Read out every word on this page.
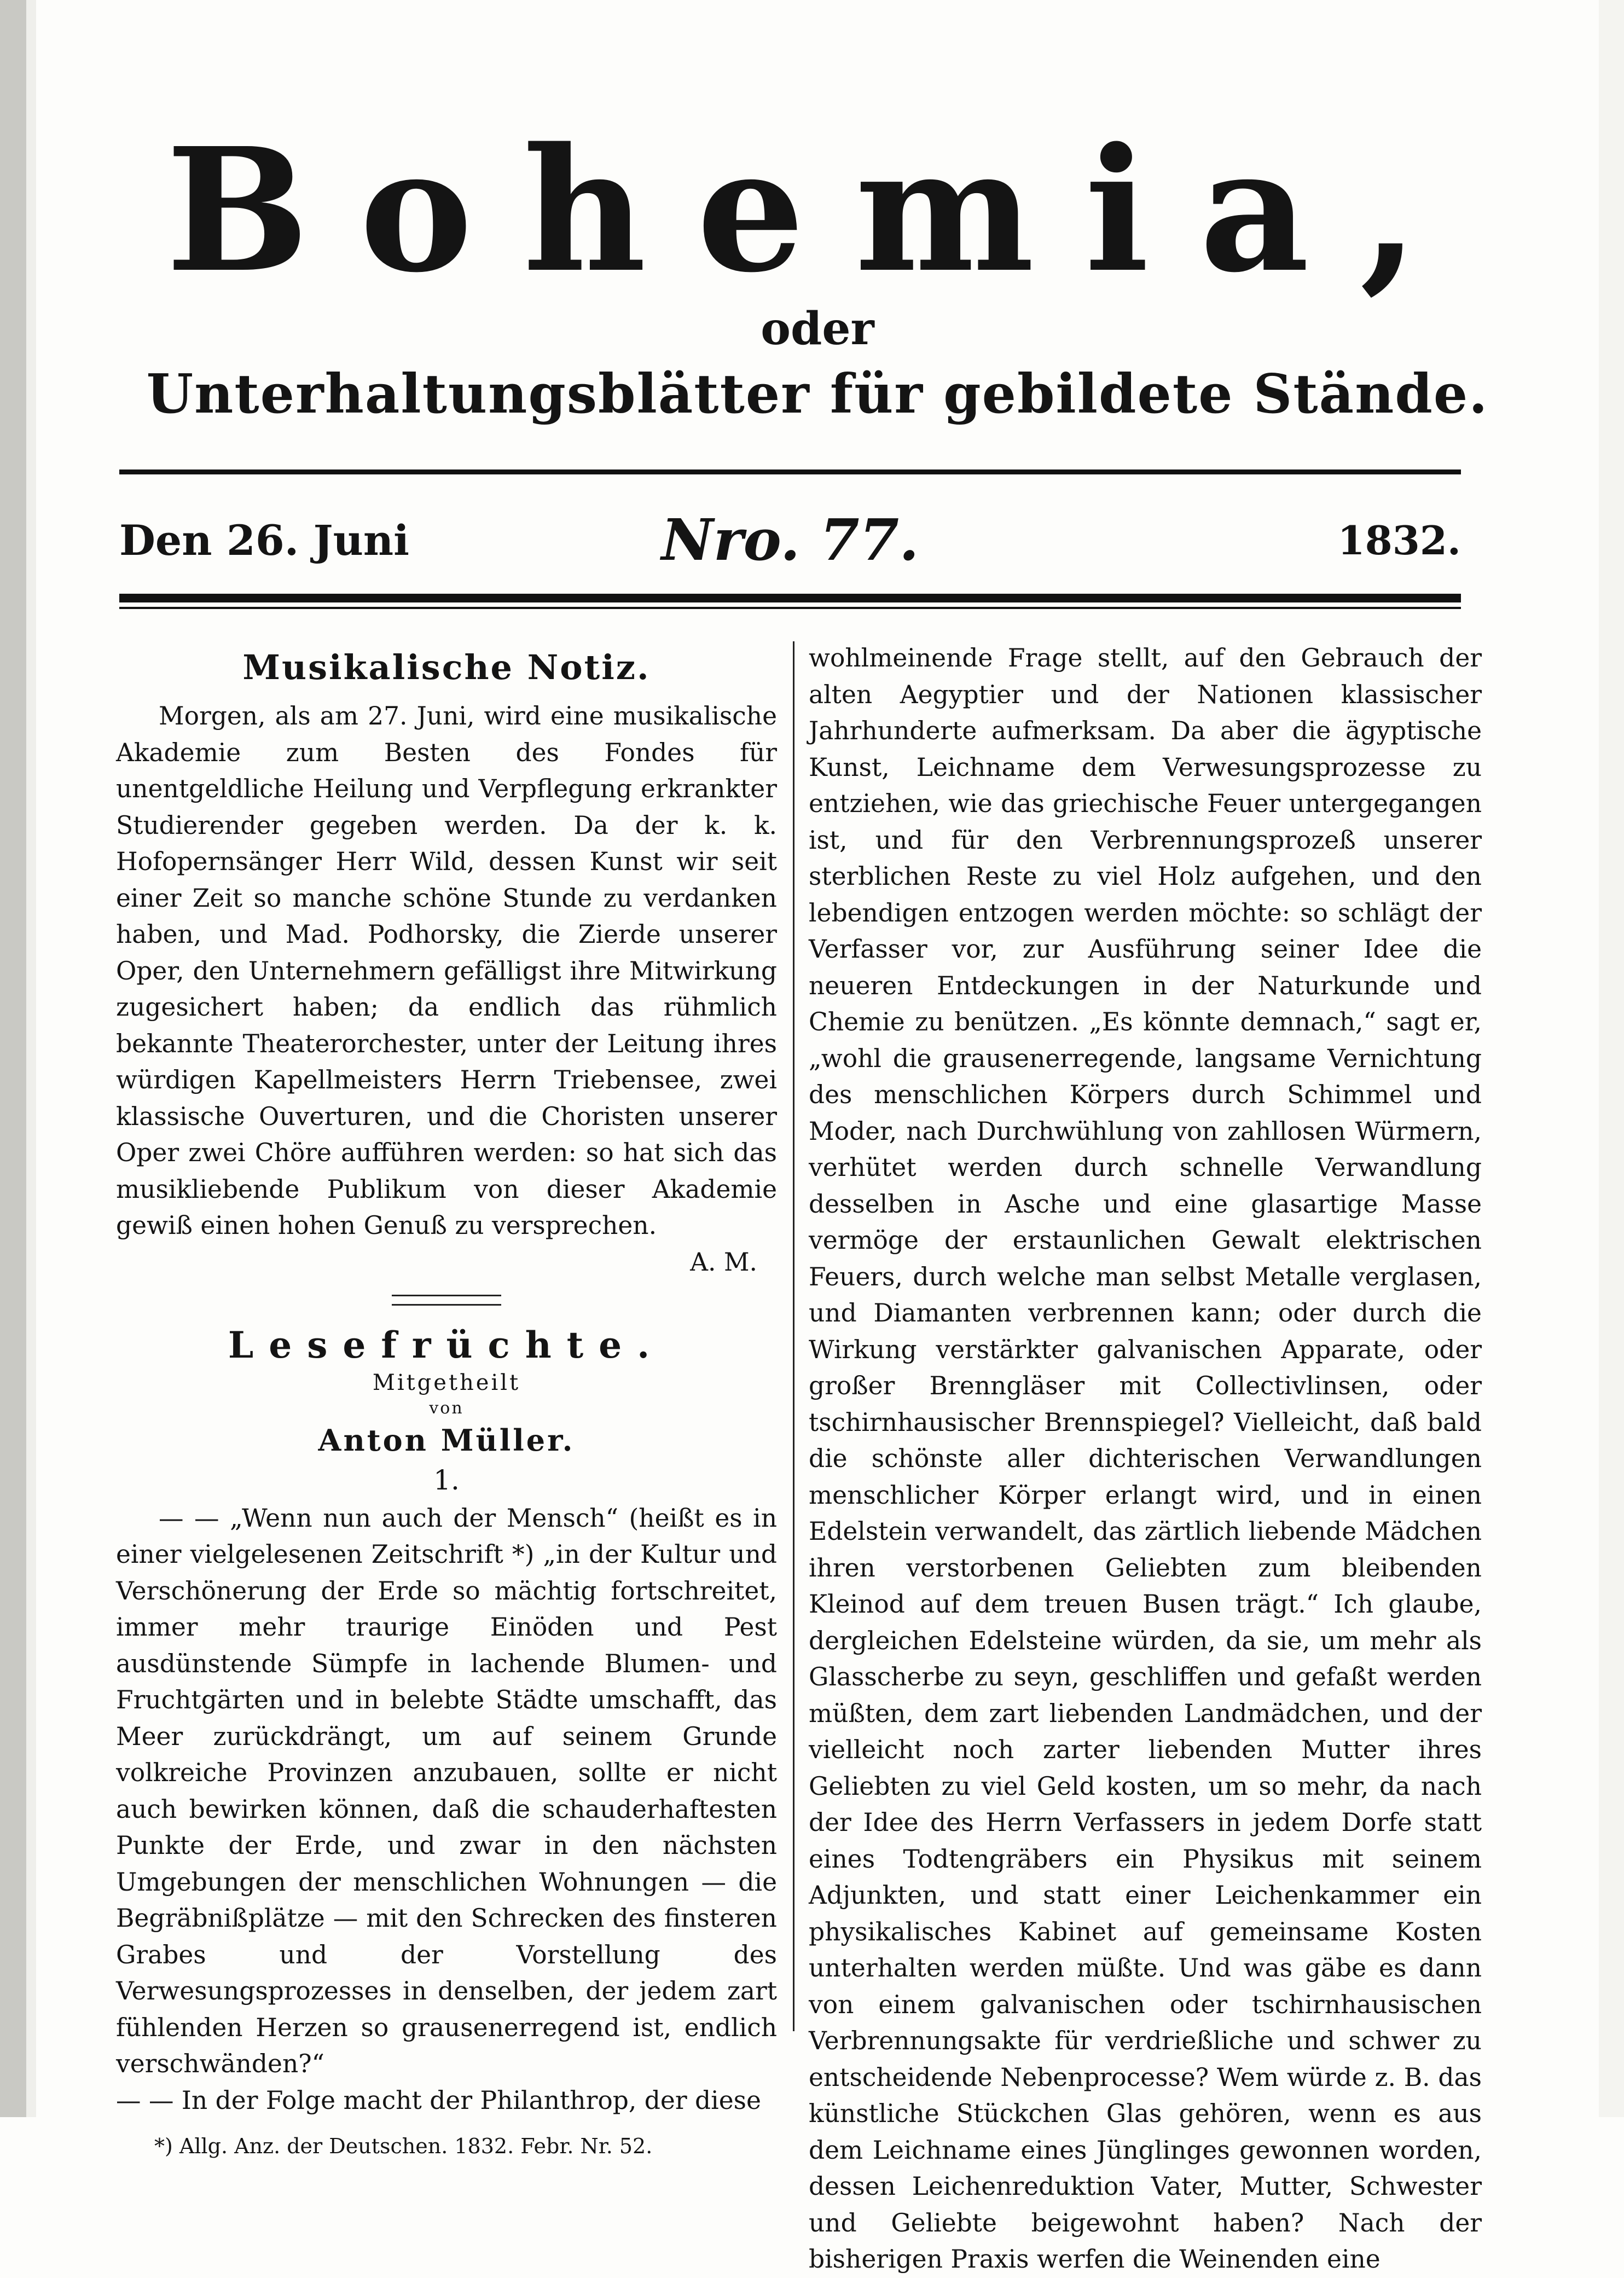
Bohemia,
oder
Unterhaltungsblätter für gebildete Stände.
Den 26. Juni	Nro. 77.	1832.
Musikalische Notiz.

Morgen, als am 27. Juni, wird eine musikalische Akademie zum Besten des Fondes für unentgeldliche Heilung und Verpflegung erkrankter Studierender gegeben werden. Da der k. k. Hofopernsänger Herr Wild, dessen Kunst wir seit einer Zeit so manche schöne Stunde zu verdanken haben, und Mad. Podhorsky, die Zierde unserer Oper, den Unternehmern gefälligst ihre Mitwirkung zugesichert haben; da endlich das rühmlich bekannte Theaterorchester, unter der Leitung ihres würdigen Kapellmeisters Herrn Triebensee, zwei klassische Ouverturen, und die Choristen unserer Oper zwei Chöre aufführen werden: so hat sich das musikliebende Publikum von dieser Akademie gewiß einen hohen Genuß zu versprechen.

A. M.

Lesefrüchte.

Mitgetheilt

von

Anton Müller.

1.

— — „Wenn nun auch der Mensch“ (heißt es in einer vielgelesenen Zeitschrift *) „in der Kultur und Verschönerung der Erde so mächtig fortschreitet, immer mehr traurige Einöden und Pest ausdünstende Sümpfe in lachende Blumen- und Fruchtgärten und in belebte Städte umschafft, das Meer zurückdrängt, um auf seinem Grunde volkreiche Provinzen anzubauen, sollte er nicht auch bewirken können, daß die schauderhaftesten Punkte der Erde, und zwar in den nächsten Umgebungen der menschlichen Wohnungen — die Begräbnißplätze — mit den Schrecken des finsteren Grabes und der Vorstellung des Verwesungsprozesses in denselben, der jedem zart fühlenden Herzen so grausenerregend ist, endlich verschwänden?“

— — In der Folge macht der Philanthrop, der diese

*) Allg. Anz. der Deutschen. 1832. Febr. Nr. 52.

wohlmeinende Frage stellt, auf den Gebrauch der alten Aegyptier und der Nationen klassischer Jahrhunderte aufmerksam. Da aber die ägyptische Kunst, Leichname dem Verwesungsprozesse zu entziehen, wie das griechische Feuer untergegangen ist, und für den Verbrennungsprozeß unserer sterblichen Reste zu viel Holz aufgehen, und den lebendigen entzogen werden möchte: so schlägt der Verfasser vor, zur Ausführung seiner Idee die neueren Entdeckungen in der Naturkunde und Chemie zu benützen. „Es könnte demnach,“ sagt er, „wohl die grausenerregende, langsame Vernichtung des menschlichen Körpers durch Schimmel und Moder, nach Durchwühlung von zahllosen Würmern, verhütet werden durch schnelle Verwandlung desselben in Asche und eine glasartige Masse vermöge der erstaunlichen Gewalt elektrischen Feuers, durch welche man selbst Metalle verglasen, und Diamanten verbrennen kann; oder durch die Wirkung verstärkter galvanischen Apparate, oder großer Brenngläser mit Collectivlinsen, oder tschirnhausischer Brennspiegel? Vielleicht, daß bald die schönste aller dichterischen Verwandlungen menschlicher Körper erlangt wird, und in einen Edelstein verwandelt, das zärtlich liebende Mädchen ihren verstorbenen Geliebten zum bleibenden Kleinod auf dem treuen Busen trägt.“ Ich glaube, dergleichen Edelsteine würden, da sie, um mehr als Glasscherbe zu seyn, geschliffen und gefaßt werden müßten, dem zart liebenden Landmädchen, und der vielleicht noch zarter liebenden Mutter ihres Geliebten zu viel Geld kosten, um so mehr, da nach der Idee des Herrn Verfassers in jedem Dorfe statt eines Todtengräbers ein Physikus mit seinem Adjunkten, und statt einer Leichenkammer ein physikalisches Kabinet auf gemeinsame Kosten unterhalten werden müßte. Und was gäbe es dann von einem galvanischen oder tschirnhausischen Verbrennungsakte für verdrießliche und schwer zu entscheidende Nebenprocesse? Wem würde z. B. das künstliche Stückchen Glas gehören, wenn es aus dem Leichname eines Jünglinges gewonnen worden, dessen Leichenreduktion Vater, Mutter, Schwester und Geliebte beigewohnt haben? Nach der bisherigen Praxis werfen die Weinenden eine
